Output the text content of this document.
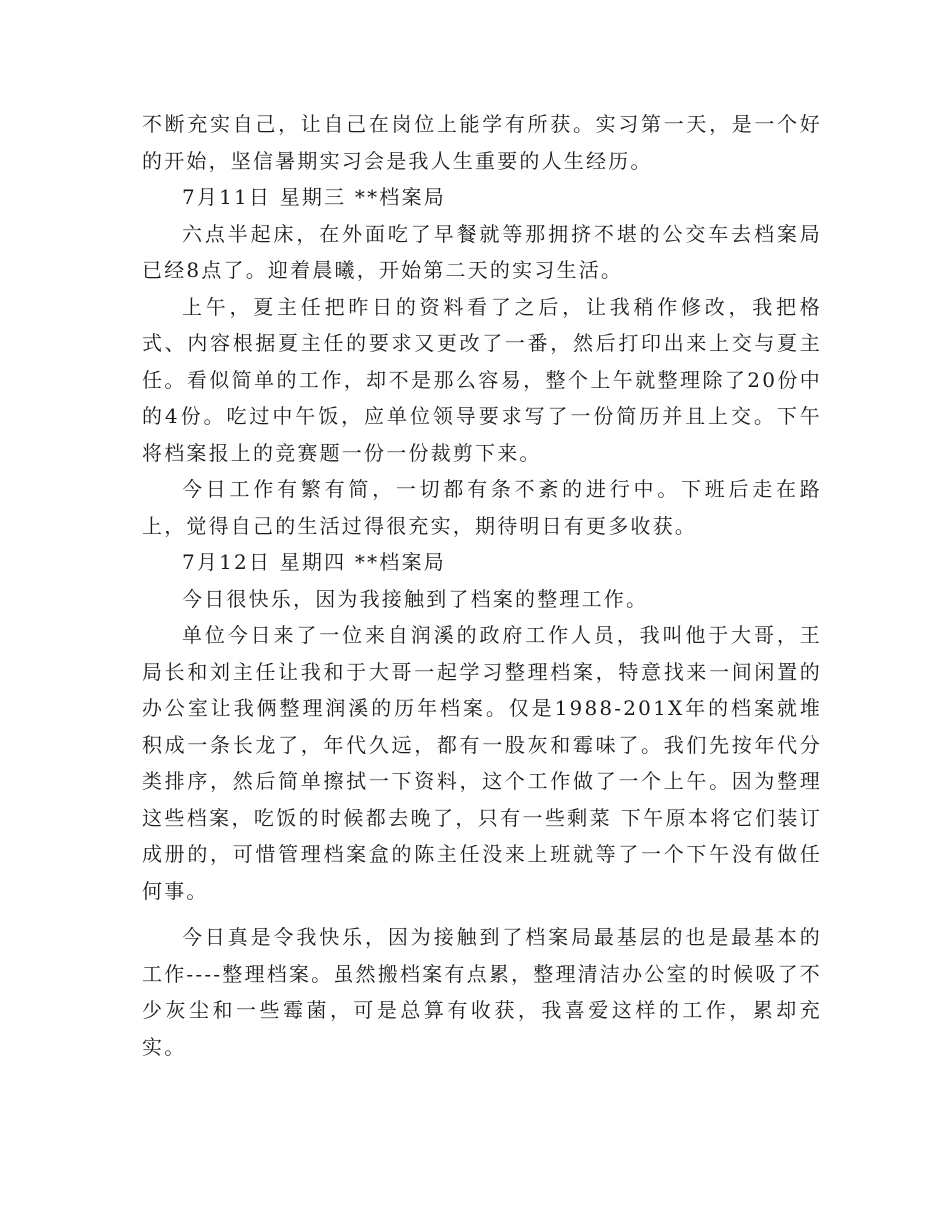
不断充实自己，让自己在岗位上能学有所获。实习第一天，是一个好的开始，坚信暑期实习会是我人生重要的人生经历。

7月11日 星期三 **档案局

六点半起床，在外面吃了早餐就等那拥挤不堪的公交车去档案局已经8点了。迎着晨曦，开始第二天的实习生活。

上午，夏主任把昨日的资料看了之后，让我稍作修改，我把格式、内容根据夏主任的要求又更改了一番，然后打印出来上交与夏主任。看似简单的工作，却不是那么容易，整个上午就整理除了20份中的4份。吃过中午饭，应单位领导要求写了一份简历并且上交。下午将档案报上的竞赛题一份一份裁剪下来。

今日工作有繁有简，一切都有条不紊的进行中。下班后走在路上，觉得自己的生活过得很充实，期待明日有更多收获。

7月12日 星期四 **档案局

今日很快乐，因为我接触到了档案的整理工作。

单位今日来了一位来自润溪的政府工作人员，我叫他于大哥，王局长和刘主任让我和于大哥一起学习整理档案，特意找来一间闲置的办公室让我俩整理润溪的历年档案。仅是1988-201X年的档案就堆积成一条长龙了，年代久远，都有一股灰和霉味了。我们先按年代分类排序，然后简单擦拭一下资料，这个工作做了一个上午。因为整理这些档案，吃饭的时候都去晚了，只有一些剩菜 下午原本将它们装订成册的，可惜管理档案盒的陈主任没来上班就等了一个下午没有做任何事。

今日真是令我快乐，因为接触到了档案局最基层的也是最基本的工作----整理档案。虽然搬档案有点累，整理清洁办公室的时候吸了不少灰尘和一些霉菌，可是总算有收获，我喜爱这样的工作，累却充实。
